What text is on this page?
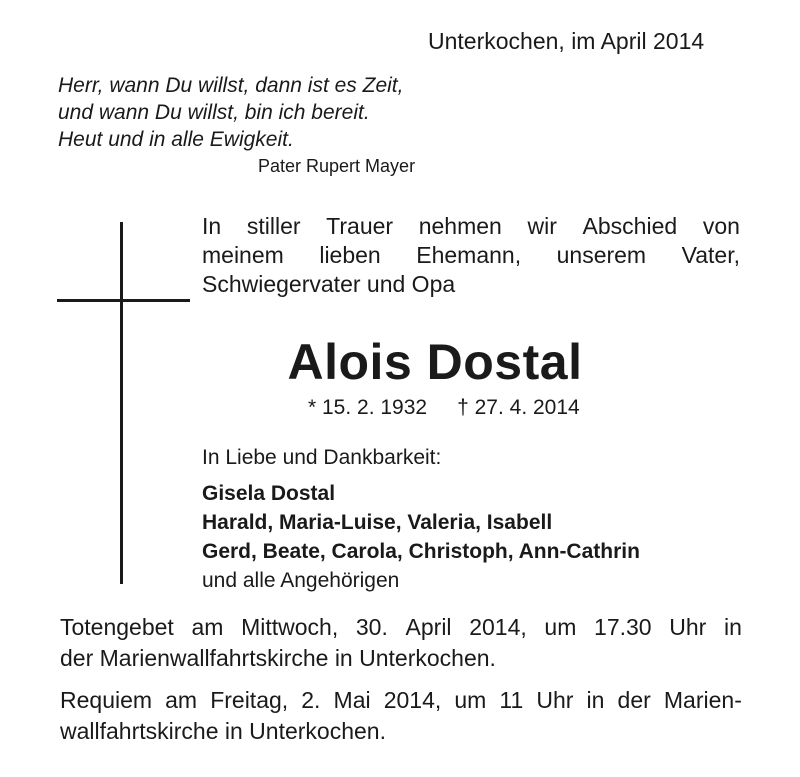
Unterkochen, im April 2014
Herr, wann Du willst, dann ist es Zeit,
und wann Du willst, bin ich bereit.
Heut und in alle Ewigkeit.
Pater Rupert Mayer
In stiller Trauer nehmen wir Abschied von
meinem lieben Ehemann, unserem Vater,
Schwiegervater und Opa
Alois Dostal
* 15. 2. 1932 † 27. 4. 2014
In Liebe und Dankbarkeit:
Gisela Dostal
Harald, Maria-Luise, Valeria, Isabell
Gerd, Beate, Carola, Christoph, Ann-Cathrin
und alle Angehörigen
Totengebet am Mittwoch, 30. April 2014, um 17.30 Uhr in
der Marienwallfahrtskirche in Unterkochen.
Requiem am Freitag, 2. Mai 2014, um 11 Uhr in der Marien-
wallfahrtskirche in Unterkochen.
